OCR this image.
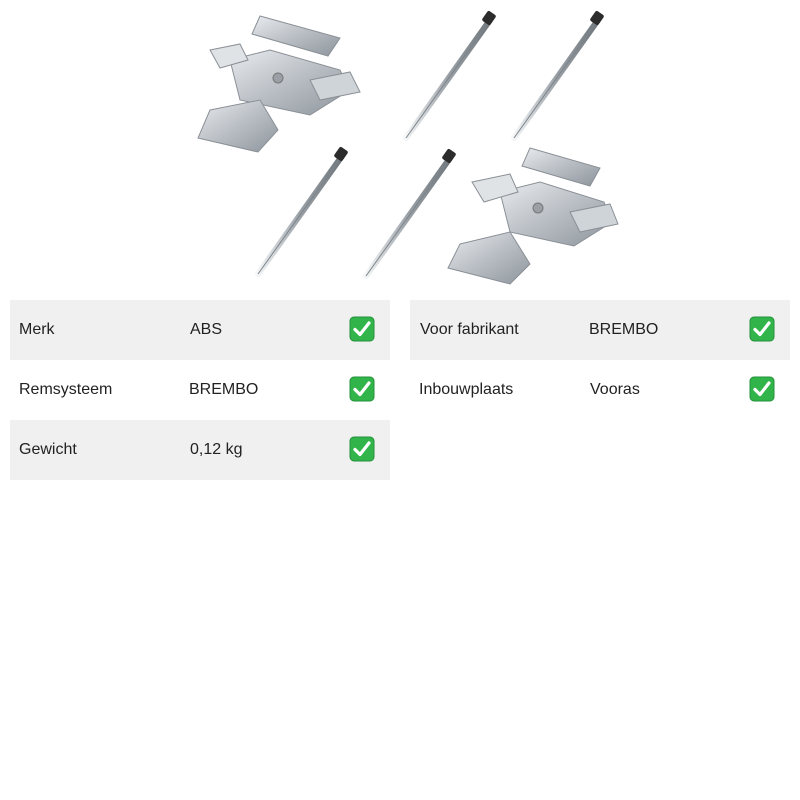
Merk	ABS
Remsysteem	BREMBO
Gewicht	0,12 kg
Voor fabrikant	BREMBO
Inbouwplaats	Vooras
